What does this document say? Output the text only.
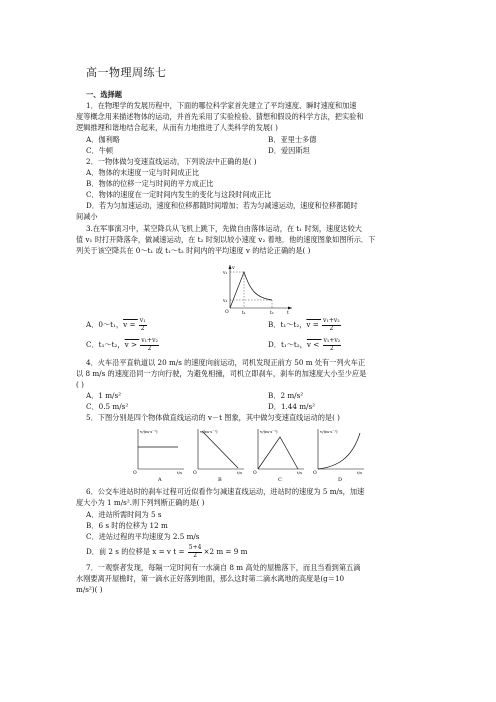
高一物理周练七
一、选择题
1．在物理学的发展历程中，下面的哪位科学家首先建立了平均速度、瞬时速度和加速
度等概念用来描述物体的运动，并首先采用了实验检验、猜想和假设的科学方法，把实验和
逻辑推理和谐地结合起来，从而有力地推进了人类科学的发展( )
A．伽利略	B．亚里士多德
C．牛顿	D．爱因斯坦
2．一物体做匀变速直线运动，下列说法中正确的是( )
A．物体的末速度一定与时间成正比
B．物体的位移一定与时间的平方成正比
C．物体的速度在一定时间内发生的变化与这段时间成正比
D．若为匀加速运动，速度和位移都随时间增加；若为匀减速运动，速度和位移都随时
间减小
3.在军事演习中，某空降兵从飞机上跳下，先做自由落体运动，在 t₁ 时刻，速度达较大
值 v₁ 时打开降落伞，做减速运动，在 t₂ 时刻以较小速度 v₂ 着地．他的速度图象如图所示．下
列关于该空降兵在 0～t₁ 或 t₁～t₂ 时间内的平均速度 v 的结论正确的是( )
v
v₁
v₂
O	t₁	t₂	t
A．0～t₁，$v = \frac{\text{v₁}}{2}$	B．t₁～t₂，$v = \frac{\text{v₁+v₂}}{2}$
C．t₁～t₂，$v > \frac{\text{v₁+v₂}}{2}$	D．t₁～t₂，$v < \frac{\text{v₁+v₂}}{2}$
4．火车沿平直轨道以 20 m/s 的速度向前运动，司机发现正前方 50 m 处有一列火车正
以 8 m/s 的速度沿同一方向行驶，为避免相撞，司机立即刹车，刹车的加速度大小至少应是
( )
A．1 m/s²	B．2 m/s²
C．0.5 m/s²	D．1.44 m/s²
5．下图分别是四个物体做直线运动的 v－t 图象，其中做匀变速直线运动的是( )
v/(m·s⁻¹)
t/s
O
A
v/(m·s⁻¹)
t/s
O
B
v/(m·s⁻¹)
t/s
O
C
v/(m·s⁻¹)
t/s
O
D
6．公交车进站时的刹车过程可近似看作匀减速直线运动，进站时的速度为 5 m/s，加速
度大小为 1 m/s².则下列判断正确的是( )
A．进站所需时间为 5 s
B．6 s 时的位移为 12 m
C．进站过程的平均速度为 2.5 m/s
D．前 2 s 的位移是 x = v $t = \frac{5+4}{2} \times 2$ m = 9 m
7．一观察者发现，每隔一定时间有一水滴自 8 m 高处的屋檐落下，而且当看到第五滴
水刚要离开屋檐时，第一滴水正好落到地面，那么这时第二滴水离地的高度是(g＝10
m/s²)( )
